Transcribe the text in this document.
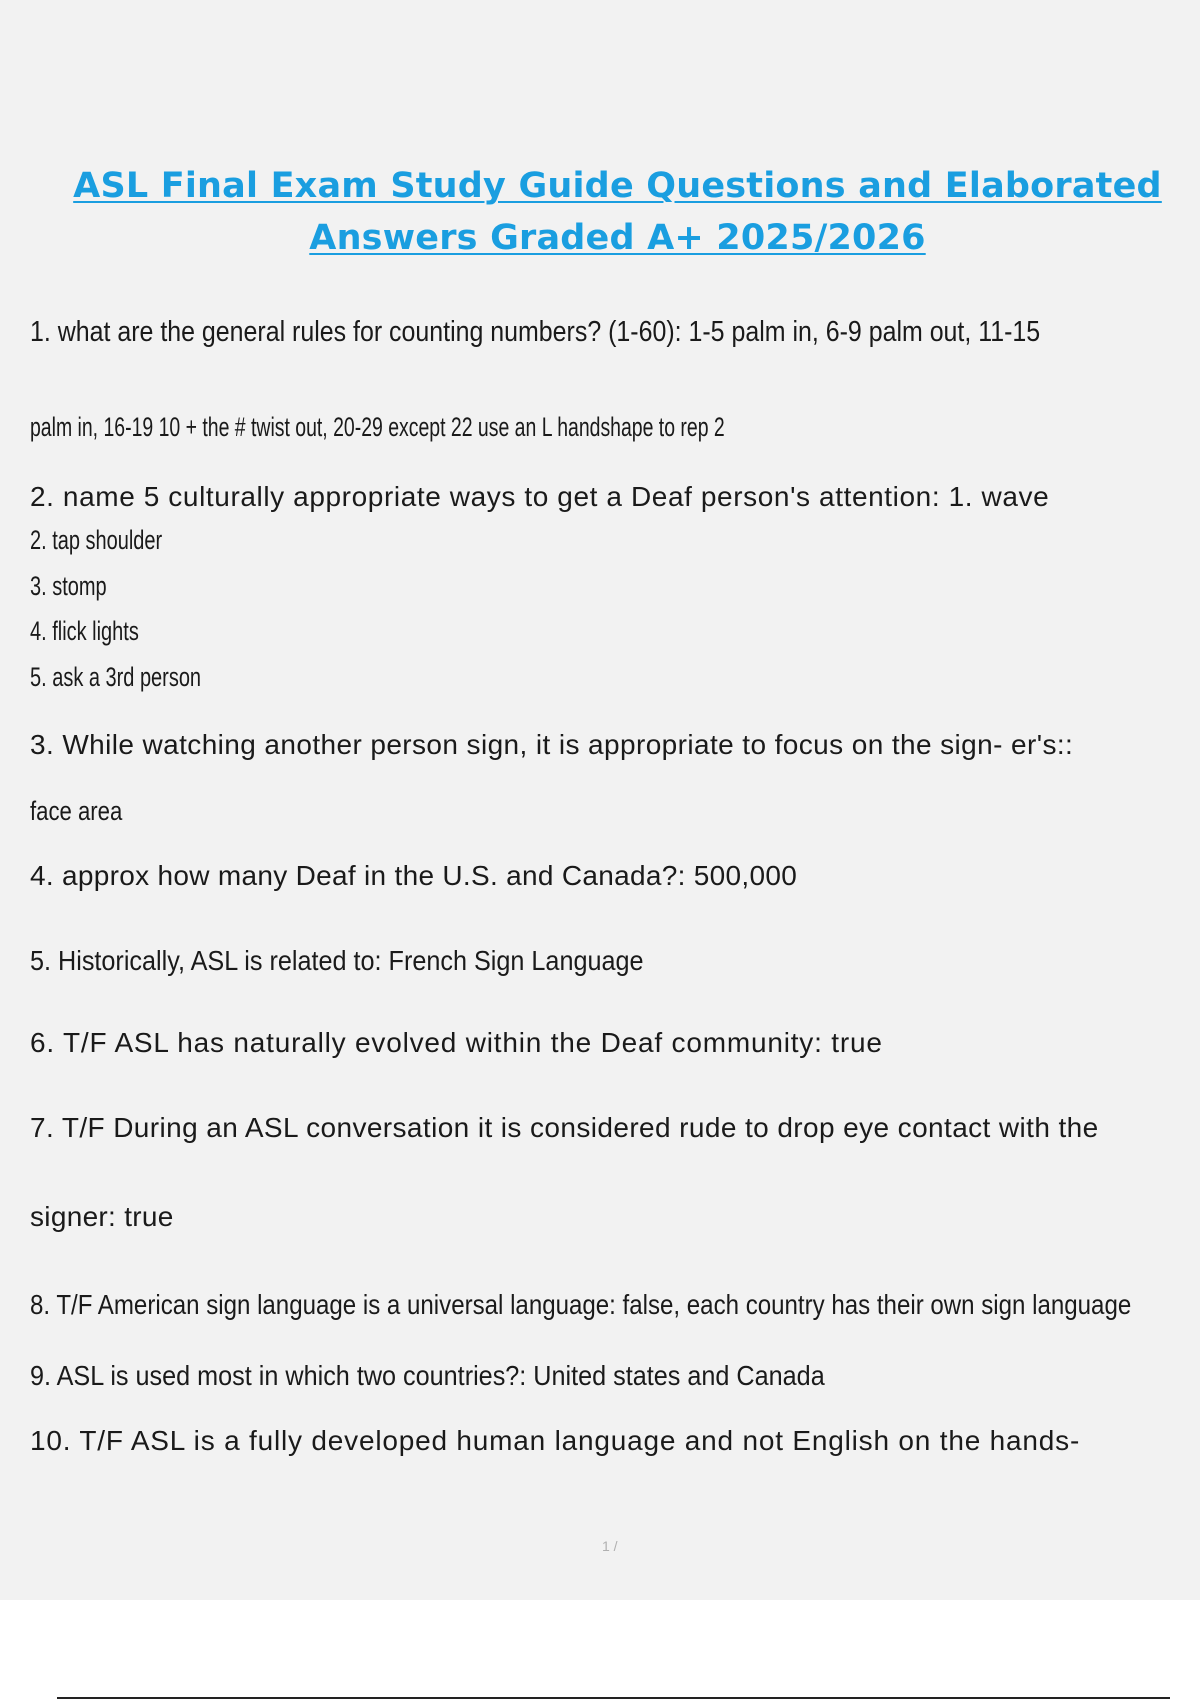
ASL Final Exam Study Guide Questions and Elaborated
Answers Graded A+ 2025/2026
1. what are the general rules for counting numbers? (1-60): 1-5 palm in, 6-9 palm out, 11-15
palm in, 16-19 10 + the # twist out, 20-29 except 22 use an L handshape to rep 2
2. name 5 culturally appropriate ways to get a Deaf person's attention: 1. wave
2. tap shoulder
3. stomp
4. flick lights
5. ask a 3rd person
3. While watching another person sign, it is appropriate to focus on the sign- er's::
face area
4. approx how many Deaf in the U.S. and Canada?: 500,000
5. Historically, ASL is related to: French Sign Language
6. T/F ASL has naturally evolved within the Deaf community: true
7. T/F During an ASL conversation it is considered rude to drop eye contact with the
signer: true
8. T/F American sign language is a universal language: false, each country has their own sign language
9. ASL is used most in which two countries?: United states and Canada
10. T/F ASL is a fully developed human language and not English on the hands-
1 /
